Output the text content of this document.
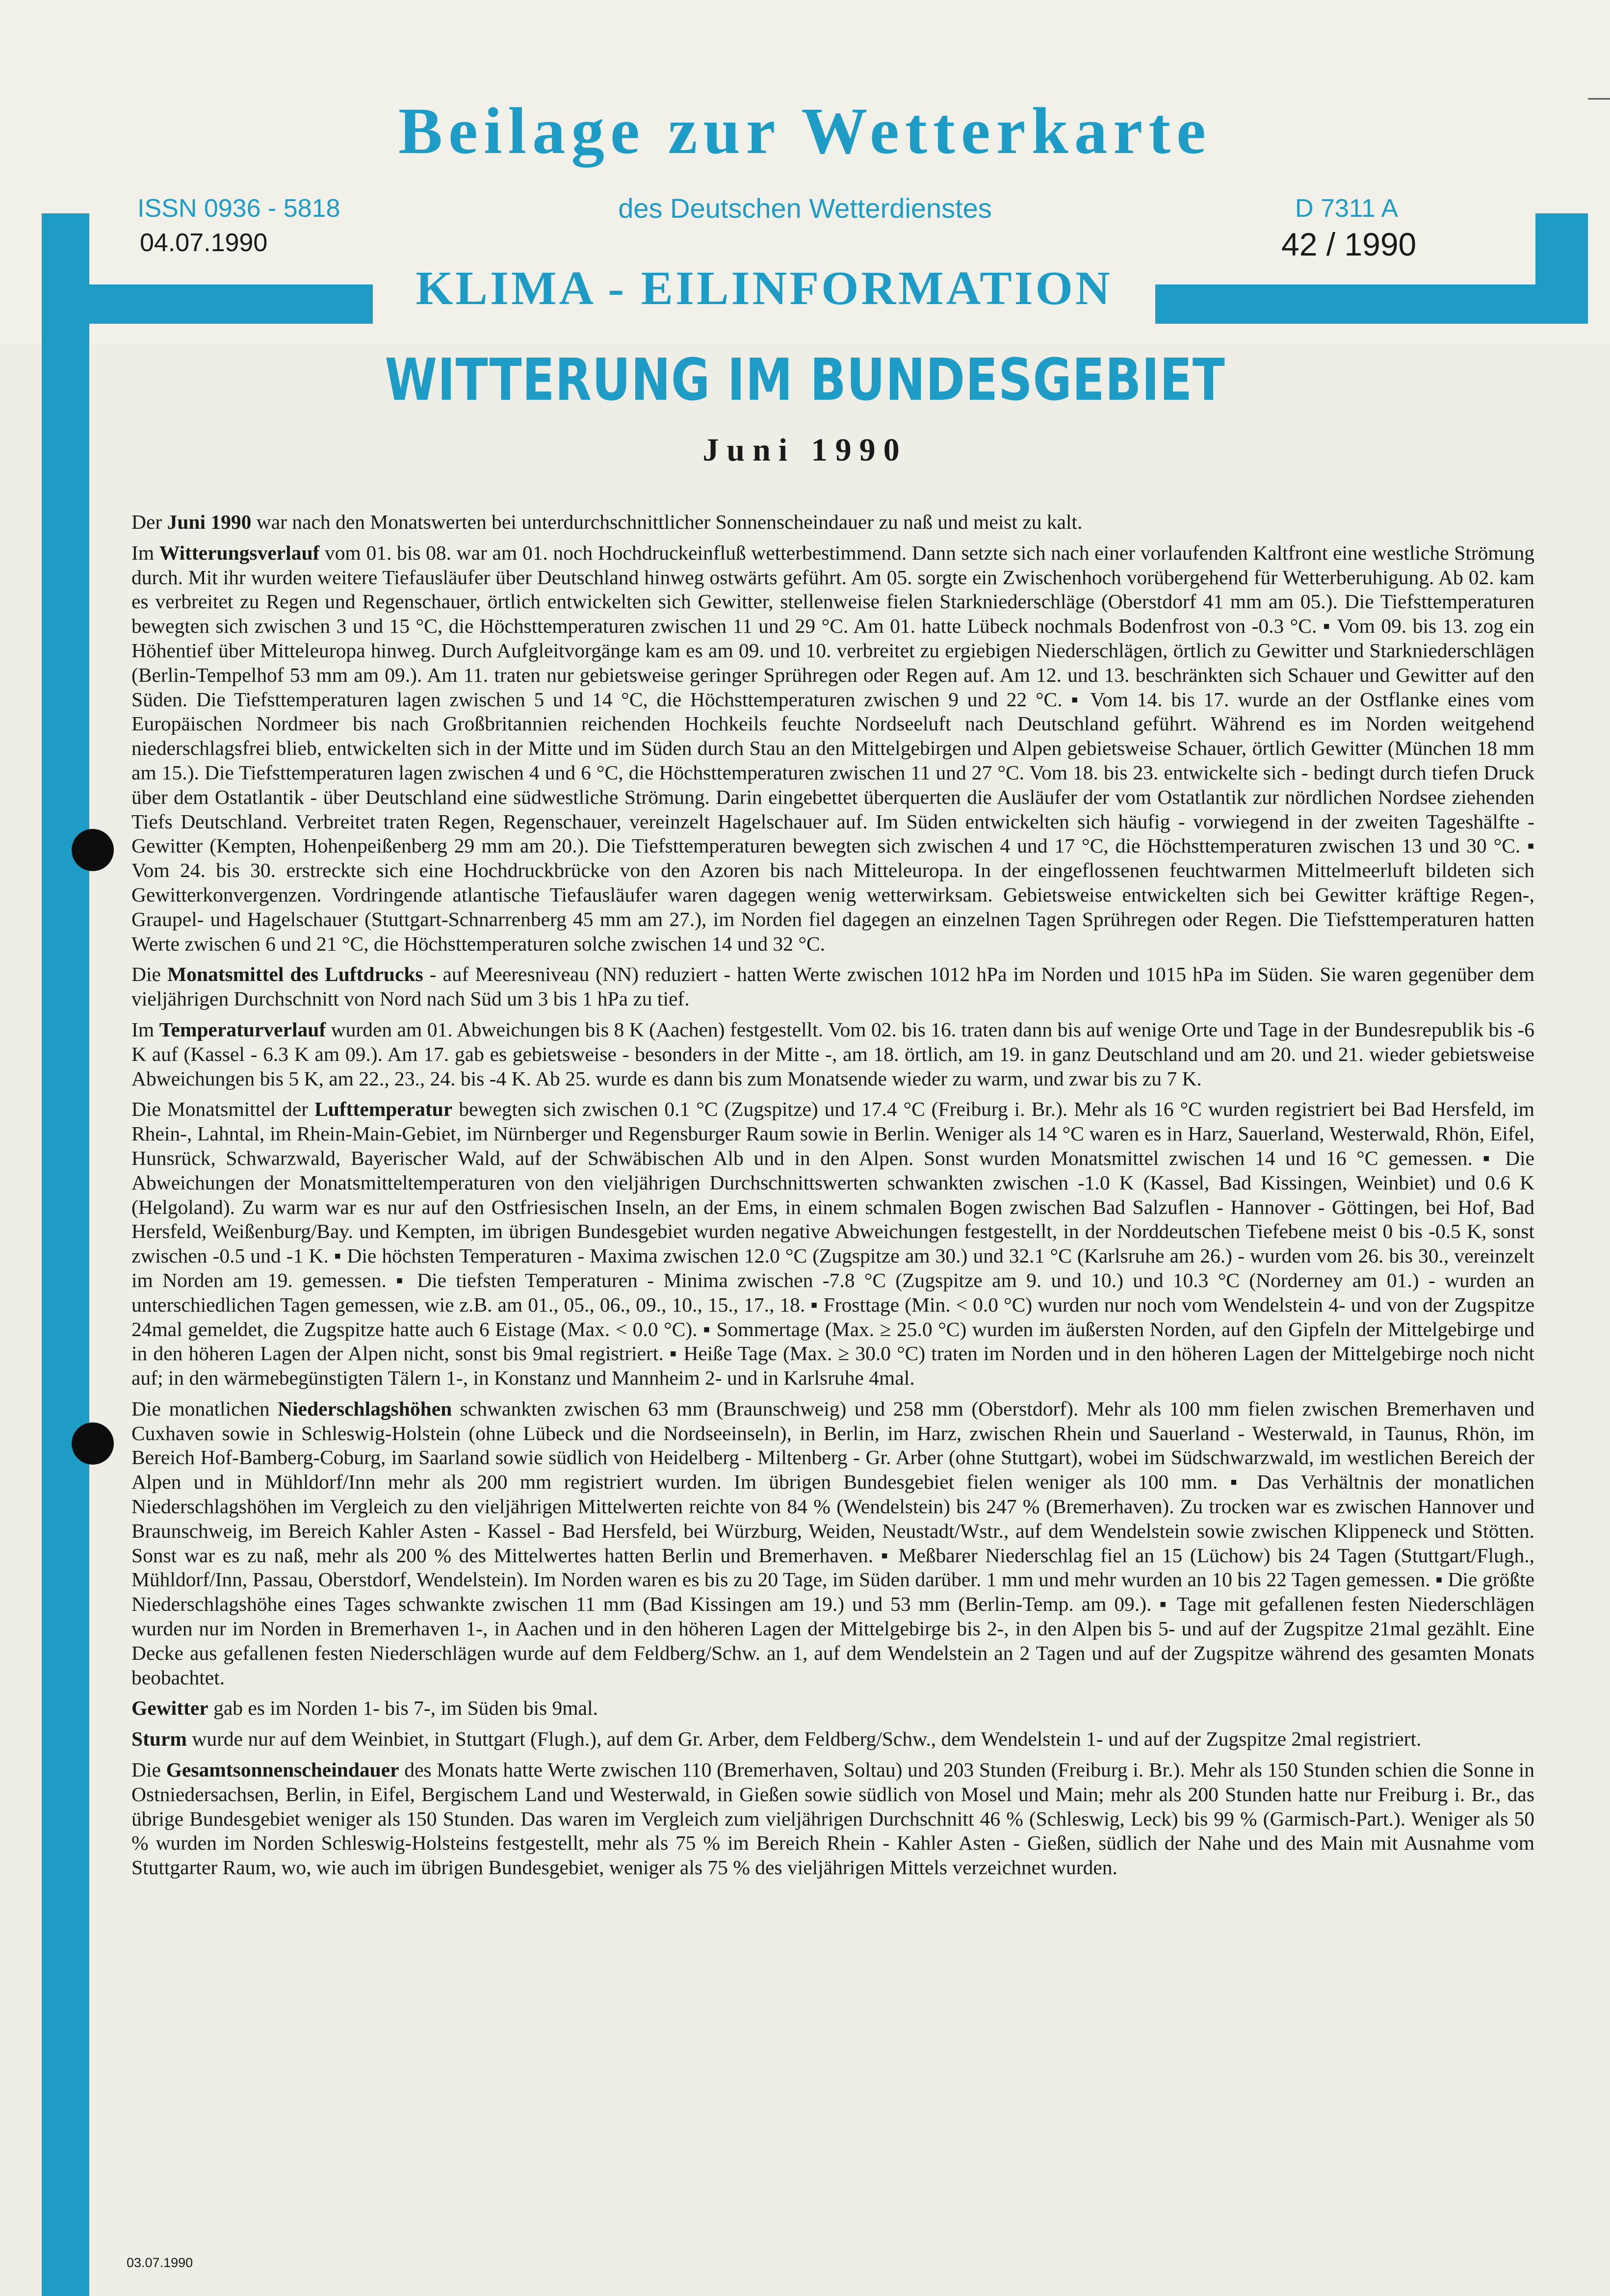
Beilage zur Wetterkarte
ISSN 0936 - 5818
04.07.1990
des Deutschen Wetterdienstes	D 7311 A
42 / 1990
KLIMA - EILINFORMATION
WITTERUNG IM BUNDESGEBIET
Juni 1990

Der Juni 1990 war nach den Monatswerten bei unterdurchschnittlicher Sonnenscheindauer zu naß und meist zu kalt.

Im Witterungsverlauf vom 01. bis 08. war am 01. noch Hochdruckeinfluß wetterbestimmend. Dann setzte sich nach einer vorlaufenden Kaltfront eine westliche Strömung durch. Mit ihr wurden weitere Tiefausläufer über Deutschland hinweg ostwärts geführt. Am 05. sorgte ein Zwischenhoch vorübergehend für Wetterberuhigung. Ab 02. kam es verbreitet zu Regen und Regenschauer, örtlich entwickelten sich Gewitter, stellenweise fielen Starkniederschläge (Oberstdorf 41 mm am 05.). Die Tiefsttemperaturen bewegten sich zwischen 3 und 15 °C, die Höchsttemperaturen zwischen 11 und 29 °C. Am 01. hatte Lübeck nochmals Bodenfrost von -0.3 °C. ▪ Vom 09. bis 13. zog ein Höhentief über Mitteleuropa hinweg. Durch Aufgleitvorgänge kam es am 09. und 10. verbreitet zu ergiebigen Niederschlägen, örtlich zu Gewitter und Starkniederschlägen (Berlin-Tempelhof 53 mm am 09.). Am 11. traten nur gebietsweise geringer Sprühregen oder Regen auf. Am 12. und 13. beschränkten sich Schauer und Gewitter auf den Süden. Die Tiefsttemperaturen lagen zwischen 5 und 14 °C, die Höchsttemperaturen zwischen 9 und 22 °C. ▪ Vom 14. bis 17. wurde an der Ostflanke eines vom Europäischen Nordmeer bis nach Großbritannien reichenden Hochkeils feuchte Nordseeluft nach Deutschland geführt. Während es im Norden weitgehend niederschlagsfrei blieb, entwickelten sich in der Mitte und im Süden durch Stau an den Mittelgebirgen und Alpen gebietsweise Schauer, örtlich Gewitter (München 18 mm am 15.). Die Tiefsttemperaturen lagen zwischen 4 und 6 °C, die Höchsttemperaturen zwischen 11 und 27 °C. Vom 18. bis 23. entwickelte sich - bedingt durch tiefen Druck über dem Ostatlantik - über Deutschland eine südwestliche Strömung. Darin eingebettet überquerten die Ausläufer der vom Ostatlantik zur nördlichen Nordsee ziehenden Tiefs Deutschland. Verbreitet traten Regen, Regenschauer, vereinzelt Hagelschauer auf. Im Süden entwickelten sich häufig - vorwiegend in der zweiten Tageshälfte - Gewitter (Kempten, Hohenpeißenberg 29 mm am 20.). Die Tiefsttemperaturen bewegten sich zwischen 4 und 17 °C, die Höchsttemperaturen zwischen 13 und 30 °C. ▪ Vom 24. bis 30. erstreckte sich eine Hochdruckbrücke von den Azoren bis nach Mitteleuropa. In der eingeflossenen feuchtwarmen Mittelmeerluft bildeten sich Gewitterkonvergenzen. Vordringende atlantische Tiefausläufer waren dagegen wenig wetterwirksam. Gebietsweise entwickelten sich bei Gewitter kräftige Regen-, Graupel- und Hagelschauer (Stuttgart-Schnarrenberg 45 mm am 27.), im Norden fiel dagegen an einzelnen Tagen Sprühregen oder Regen. Die Tiefsttemperaturen hatten Werte zwischen 6 und 21 °C, die Höchsttemperaturen solche zwischen 14 und 32 °C.

Die Monatsmittel des Luftdrucks - auf Meeresniveau (NN) reduziert - hatten Werte zwischen 1012 hPa im Norden und 1015 hPa im Süden. Sie waren gegenüber dem vieljährigen Durchschnitt von Nord nach Süd um 3 bis 1 hPa zu tief.

Im Temperaturverlauf wurden am 01. Abweichungen bis 8 K (Aachen) festgestellt. Vom 02. bis 16. traten dann bis auf wenige Orte und Tage in der Bundesrepublik bis -6 K auf (Kassel - 6.3 K am 09.). Am 17. gab es gebietsweise - besonders in der Mitte -, am 18. örtlich, am 19. in ganz Deutschland und am 20. und 21. wieder gebietsweise Abweichungen bis 5 K, am 22., 23., 24. bis -4 K. Ab 25. wurde es dann bis zum Monatsende wieder zu warm, und zwar bis zu 7 K.

Die Monatsmittel der Lufttemperatur bewegten sich zwischen 0.1 °C (Zugspitze) und 17.4 °C (Freiburg i. Br.). Mehr als 16 °C wurden registriert bei Bad Hersfeld, im Rhein-, Lahntal, im Rhein-Main-Gebiet, im Nürnberger und Regensburger Raum sowie in Berlin. Weniger als 14 °C waren es in Harz, Sauerland, Westerwald, Rhön, Eifel, Hunsrück, Schwarzwald, Bayerischer Wald, auf der Schwäbischen Alb und in den Alpen. Sonst wurden Monatsmittel zwischen 14 und 16 °C gemessen. ▪ Die Abweichungen der Monatsmitteltemperaturen von den vieljährigen Durchschnittswerten schwankten zwischen -1.0 K (Kassel, Bad Kissingen, Weinbiet) und 0.6 K (Helgoland). Zu warm war es nur auf den Ostfriesischen Inseln, an der Ems, in einem schmalen Bogen zwischen Bad Salzuflen - Hannover - Göttingen, bei Hof, Bad Hersfeld, Weißenburg/Bay. und Kempten, im übrigen Bundesgebiet wurden negative Abweichungen festgestellt, in der Norddeutschen Tiefebene meist 0 bis -0.5 K, sonst zwischen -0.5 und -1 K. ▪ Die höchsten Temperaturen - Maxima zwischen 12.0 °C (Zugspitze am 30.) und 32.1 °C (Karlsruhe am 26.) - wurden vom 26. bis 30., vereinzelt im Norden am 19. gemessen. ▪ Die tiefsten Temperaturen - Minima zwischen -7.8 °C (Zugspitze am 9. und 10.) und 10.3 °C (Norderney am 01.) - wurden an unterschiedlichen Tagen gemessen, wie z.B. am 01., 05., 06., 09., 10., 15., 17., 18. ▪ Frosttage (Min. < 0.0 °C) wurden nur noch vom Wendelstein 4- und von der Zugspitze 24mal gemeldet, die Zugspitze hatte auch 6 Eistage (Max. < 0.0 °C). ▪ Sommertage (Max. ≥ 25.0 °C) wurden im äußersten Norden, auf den Gipfeln der Mittelgebirge und in den höheren Lagen der Alpen nicht, sonst bis 9mal registriert. ▪ Heiße Tage (Max. ≥ 30.0 °C) traten im Norden und in den höheren Lagen der Mittelgebirge noch nicht auf; in den wärmebegünstigten Tälern 1-, in Konstanz und Mannheim 2- und in Karlsruhe 4mal.

Die monatlichen Niederschlagshöhen schwankten zwischen 63 mm (Braunschweig) und 258 mm (Oberstdorf). Mehr als 100 mm fielen zwischen Bremerhaven und Cuxhaven sowie in Schleswig-Holstein (ohne Lübeck und die Nordseeinseln), in Berlin, im Harz, zwischen Rhein und Sauerland - Westerwald, in Taunus, Rhön, im Bereich Hof-Bamberg-Coburg, im Saarland sowie südlich von Heidelberg - Miltenberg - Gr. Arber (ohne Stuttgart), wobei im Südschwarzwald, im westlichen Bereich der Alpen und in Mühldorf/Inn mehr als 200 mm registriert wurden. Im übrigen Bundesgebiet fielen weniger als 100 mm. ▪ Das Verhältnis der monatlichen Niederschlagshöhen im Vergleich zu den vieljährigen Mittelwerten reichte von 84 % (Wendelstein) bis 247 % (Bremerhaven). Zu trocken war es zwischen Hannover und Braunschweig, im Bereich Kahler Asten - Kassel - Bad Hersfeld, bei Würzburg, Weiden, Neustadt/Wstr., auf dem Wendelstein sowie zwischen Klippeneck und Stötten. Sonst war es zu naß, mehr als 200 % des Mittelwertes hatten Berlin und Bremerhaven. ▪ Meßbarer Niederschlag fiel an 15 (Lüchow) bis 24 Tagen (Stuttgart/Flugh., Mühldorf/Inn, Passau, Oberstdorf, Wendelstein). Im Norden waren es bis zu 20 Tage, im Süden darüber. 1 mm und mehr wurden an 10 bis 22 Tagen gemessen. ▪ Die größte Niederschlagshöhe eines Tages schwankte zwischen 11 mm (Bad Kissingen am 19.) und 53 mm (Berlin-Temp. am 09.). ▪ Tage mit gefallenen festen Niederschlägen wurden nur im Norden in Bremerhaven 1-, in Aachen und in den höheren Lagen der Mittelgebirge bis 2-, in den Alpen bis 5- und auf der Zugspitze 21mal gezählt. Eine Decke aus gefallenen festen Niederschlägen wurde auf dem Feldberg/Schw. an 1, auf dem Wendelstein an 2 Tagen und auf der Zugspitze während des gesamten Monats beobachtet.

Gewitter gab es im Norden 1- bis 7-, im Süden bis 9mal.

Sturm wurde nur auf dem Weinbiet, in Stuttgart (Flugh.), auf dem Gr. Arber, dem Feldberg/Schw., dem Wendelstein 1- und auf der Zugspitze 2mal registriert.

Die Gesamtsonnenscheindauer des Monats hatte Werte zwischen 110 (Bremerhaven, Soltau) und 203 Stunden (Freiburg i. Br.). Mehr als 150 Stunden schien die Sonne in Ostniedersachsen, Berlin, in Eifel, Bergischem Land und Westerwald, in Gießen sowie südlich von Mosel und Main; mehr als 200 Stunden hatte nur Freiburg i. Br., das übrige Bundesgebiet weniger als 150 Stunden. Das waren im Vergleich zum vieljährigen Durchschnitt 46 % (Schleswig, Leck) bis 99 % (Garmisch-Part.). Weniger als 50 % wurden im Norden Schleswig-Holsteins festgestellt, mehr als 75 % im Bereich Rhein - Kahler Asten - Gießen, südlich der Nahe und des Main mit Ausnahme vom Stuttgarter Raum, wo, wie auch im übrigen Bundesgebiet, weniger als 75 % des vieljährigen Mittels verzeichnet wurden.

03.07.1990
